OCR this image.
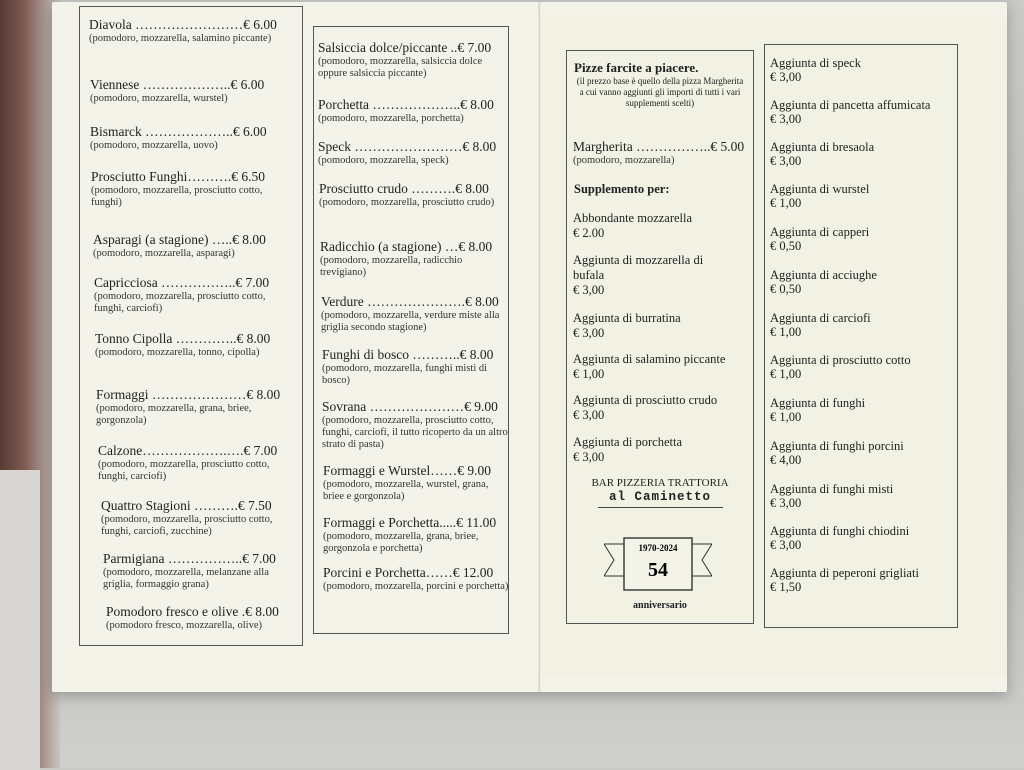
Diavola ……………………€ 6.00
(pomodoro, mozzarella, salamino piccante)
Viennese ………………..€ 6.00
(pomodoro, mozzarella, wurstel)
Bismarck ………………..€ 6.00
(pomodoro, mozzarella, uovo)
Prosciutto Funghi……….€ 6.50
(pomodoro, mozzarella, prosciutto cotto, funghi)
Asparagi (a stagione) …..€ 8.00
(pomodoro, mozzarella, asparagi)
Capricciosa ……………..€ 7.00
(pomodoro, mozzarella, prosciutto cotto, funghi, carciofi)
Tonno Cipolla …………..€ 8.00
(pomodoro, mozzarella, tonno, cipolla)
Formaggi …………………€ 8.00
(pomodoro, mozzarella, grana, briee, gorgonzola)
Calzone……………….….€ 7.00
(pomodoro, mozzarella, prosciutto cotto, funghi, carciofi)
Quattro Stagioni ……….€ 7.50
(pomodoro, mozzarella, prosciutto cotto, funghi, carciofi, zucchine)
Parmigiana ……………..€ 7.00
(pomodoro, mozzarella, melanzane alla griglia, formaggio grana)
Pomodoro fresco e olive .€ 8.00
(pomodoro fresco, mozzarella, olive)
Salsiccia dolce/piccante ..€ 7.00
(pomodoro, mozzarella, salsiccia dolce oppure salsiccia piccante)
Porchetta ………………..€ 8.00
(pomodoro, mozzarella, porchetta)
Speck ……………………€ 8.00
(pomodoro, mozzarella, speck)
Prosciutto crudo ……….€ 8.00
(pomodoro, mozzarella, prosciutto crudo)
Radicchio (a stagione) …€ 8.00
(pomodoro, mozzarella, radicchio trevigiano)
Verdure ………………….€ 8.00
(pomodoro, mozzarella, verdure miste alla griglia secondo stagione)
Funghi di bosco ………..€ 8.00
(pomodoro, mozzarella, funghi misti di bosco)
Sovrana …………………€ 9.00
(pomodoro, mozzarella, prosciutto cotto, funghi, carciofi, il tutto ricoperto da un altro strato di pasta)
Formaggi e Wurstel……€ 9.00
(pomodoro, mozzarella, wurstel, grana, briee e gorgonzola)
Formaggi e Porchetta.....€ 11.00
(pomodoro, mozzarella, grana, briee, gorgonzola e porchetta)
Porcini e Porchetta……€ 12.00
(pomodoro, mozzarella, porcini e porchetta)
Pizze farcite a piacere.
(il prezzo base è quello della pizza Margherita a cui vanno aggiunti gli importi di tutti i vari supplementi scelti)
Margherita ……………..€ 5.00
(pomodoro, mozzarella)
Supplemento per:
Abbondante mozzarella
€ 2.00
Aggiunta di mozzarella di bufala
€ 3,00
Aggiunta di burratina
€ 3,00
Aggiunta di salamino piccante
€ 1,00
Aggiunta di prosciutto crudo
€ 3,00
Aggiunta di porchetta
€ 3,00
BAR PIZZERIA TRATTORIA
al Caminetto
1970-2024
54
anniversario
Aggiunta di speck
€ 3,00
Aggiunta di pancetta affumicata
€ 3,00
Aggiunta di bresaola
€ 3,00
Aggiunta di wurstel
€ 1,00
Aggiunta di capperi
€ 0,50
Aggiunta di acciughe
€ 0,50
Aggiunta di carciofi
€ 1,00
Aggiunta di prosciutto cotto
€ 1,00
Aggiunta di funghi
€ 1,00
Aggiunta di funghi porcini
€ 4,00
Aggiunta di funghi misti
€ 3,00
Aggiunta di funghi chiodini
€ 3,00
Aggiunta di peperoni grigliati
€ 1,50
